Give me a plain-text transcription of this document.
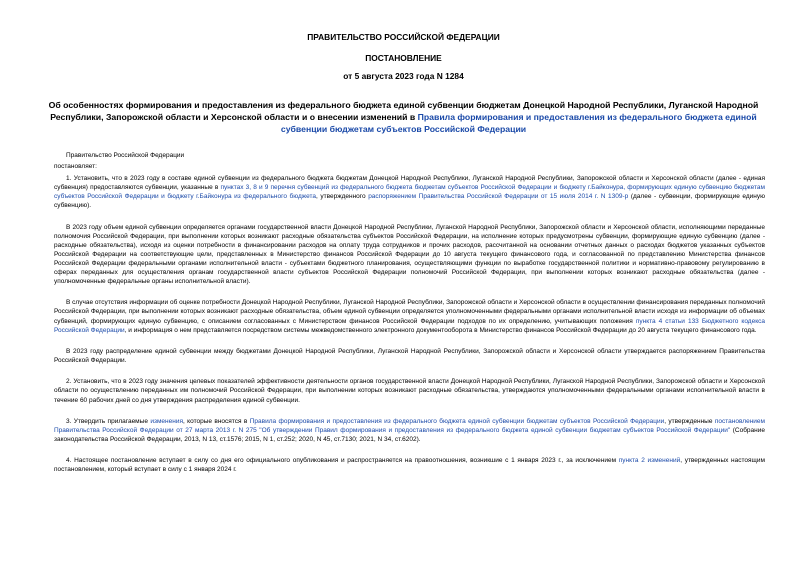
ПРАВИТЕЛЬСТВО РОССИЙСКОЙ ФЕДЕРАЦИИ
ПОСТАНОВЛЕНИЕ
от 5 августа 2023 года N 1284
Об особенностях формирования и предоставления из федерального бюджета единой субвенции бюджетам Донецкой Народной Республики, Луганской Народной Республики, Запорожской области и Херсонской области и о внесении изменений в Правила формирования и предоставления из федерального бюджета единой субвенции бюджетам субъектов Российской Федерации
Правительство Российской Федерации
постановляет:
1. Установить, что в 2023 году в составе единой субвенции из федерального бюджета бюджетам Донецкой Народной Республики, Луганской Народной Республики, Запорожской области и Херсонской области (далее - единая субвенция) предоставляются субвенции, указанные в пунктах 3, 8 и 9 перечня субвенций из федерального бюджета бюджетам субъектов Российской Федерации и бюджету г.Байконура, формирующих единую субвенцию бюджетам субъектов Российской Федерации и бюджету г.Байконура из федерального бюджета, утвержденного распоряжением Правительства Российской Федерации от 15 июля 2014 г. N 1309-р (далее - субвенции, формирующие единую субвенцию).
В 2023 году объем единой субвенции определяется органами государственной власти Донецкой Народной Республики, Луганской Народной Республики, Запорожской области и Херсонской области, исполняющими переданные полномочия Российской Федерации, при выполнении которых возникают расходные обязательства субъектов Российской Федерации, на исполнение которых предусмотрены субвенции, формирующие единую субвенцию (далее - расходные обязательства), исходя из оценки потребности в финансировании расходов на оплату труда сотрудников и прочих расходов, рассчитанной на основании отчетных данных о расходах бюджетов указанных субъектов Российской Федерации на соответствующие цели, представленных в Министерство финансов Российской Федерации до 10 августа текущего финансового года, и согласованной по представлению Министерства финансов Российской Федерации федеральными органами исполнительной власти - субъектами бюджетного планирования, осуществляющими функции по выработке государственной политики и нормативно-правовому регулированию в сферах переданных для осуществления органам государственной власти субъектов Российской Федерации полномочий Российской Федерации, при выполнении которых возникают расходные обязательства (далее - уполномоченные федеральные органы исполнительной власти).
В случае отсутствия информации об оценке потребности Донецкой Народной Республики, Луганской Народной Республики, Запорожской области и Херсонской области в осуществлении финансирования переданных полномочий Российской Федерации, при выполнении которых возникают расходные обязательства, объем единой субвенции определяется уполномоченными федеральными органами исполнительной власти исходя из информации об объемах субвенций, формирующих единую субвенцию, с описанием согласованных с Министерством финансов Российской Федерации подходов по их определению, учитывающих положения пункта 4 статьи 133 Бюджетного кодекса Российской Федерации, и информация о нем представляется посредством системы межведомственного электронного документооборота в Министерство финансов Российской Федерации до 20 августа текущего финансового года.
В 2023 году распределение единой субвенции между бюджетами Донецкой Народной Республики, Луганской Народной Республики, Запорожской области и Херсонской области утверждается распоряжением Правительства Российской Федерации.
2. Установить, что в 2023 году значения целевых показателей эффективности деятельности органов государственной власти Донецкой Народной Республики, Луганской Народной Республики, Запорожской области и Херсонской области по осуществлению переданных им полномочий Российской Федерации, при выполнении которых возникают расходные обязательства, утверждаются уполномоченными федеральными органами исполнительной власти в течение 60 рабочих дней со дня утверждения распределения единой субвенции.
3. Утвердить прилагаемые изменения, которые вносятся в Правила формирования и предоставления из федерального бюджета единой субвенции бюджетам субъектов Российской Федерации, утвержденные постановлением Правительства Российской Федерации от 27 марта 2013 г. N 275 "Об утверждении Правил формирования и предоставления из федерального бюджета единой субвенции бюджетам субъектов Российской Федерации" (Собрание законодательства Российской Федерации, 2013, N 13, ст.1576; 2015, N 1, ст.252; 2020, N 45, ст.7130; 2021, N 34, ст.6202).
4. Настоящее постановление вступает в силу со дня его официального опубликования и распространяется на правоотношения, возникшие с 1 января 2023 г., за исключением пункта 2 изменений, утвержденных настоящим постановлением, который вступает в силу с 1 января 2024 г.
